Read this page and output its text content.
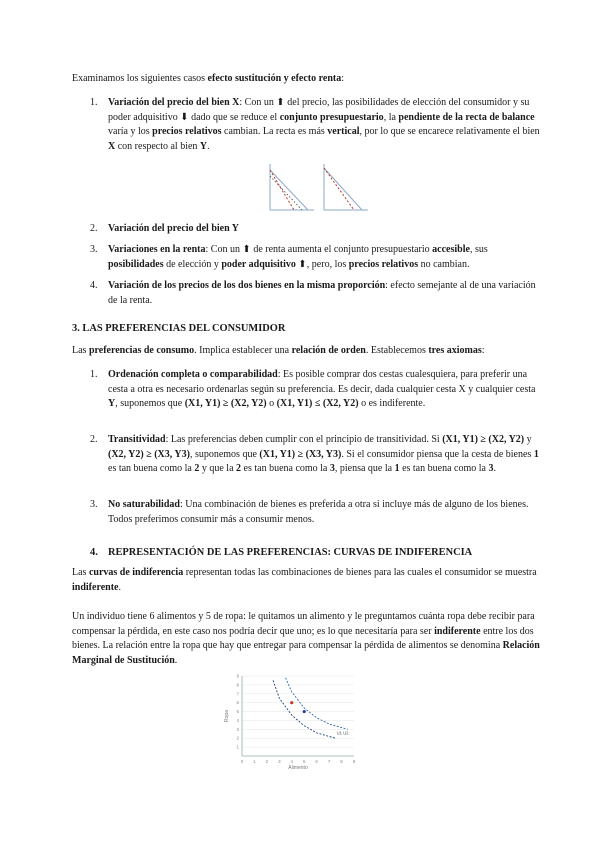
Examinamos los siguientes casos efecto sustitución y efecto renta:
1.	Variación del precio del bien X: Con un ⬆ del precio, las posibilidades de elección del consumidor y su poder adquisitivo ⬇ dado que se reduce el conjunto presupuestario, la pendiente de la recta de balance varía y los precios relativos cambian. La recta es más vertical, por lo que se encarece relativamente el bien X con respecto al bien Y.
2.	Variación del precio del bien Y
3.	Variaciones en la renta: Con un ⬆ de renta aumenta el conjunto presupuestario accesible, sus posibilidades de elección y poder adquisitivo ⬆, pero, los precios relativos no cambian.
4.	Variación de los precios de los dos bienes en la misma proporción: efecto semejante al de una variación de la renta.
3. LAS PREFERENCIAS DEL CONSUMIDOR
Las preferencias de consumo. Implica establecer una relación de orden. Establecemos tres axiomas:
1.	Ordenación completa o comparabilidad: Es posible comprar dos cestas cualesquiera, para preferir una cesta a otra es necesario ordenarlas según su preferencia. Es decir, dada cualquier cesta X y cualquier cesta Y, suponemos que (X1, Y1) ≥ (X2, Y2) o (X1, Y1) ≤ (X2, Y2) o es indiferente.
2.	Transitividad: Las preferencias deben cumplir con el principio de transitividad. Si (X1, Y1) ≥ (X2, Y2) y (X2, Y2) ≥ (X3, Y3), suponemos que (X1, Y1) ≥ (X3, Y3). Si el consumidor piensa que la cesta de bienes 1 es tan buena como la 2 y que la 2 es tan buena como la 3, piensa que la 1 es tan buena como la 3.
3.	No saturabilidad: Una combinación de bienes es preferida a otra si incluye más de alguno de los bienes. Todos preferimos consumir más a consumir menos.
4. REPRESENTACIÓN DE LAS PREFERENCIAS: CURVAS DE INDIFERENCIA
Las curvas de indiferencia representan todas las combinaciones de bienes para las cuales el consumidor se muestra indiferente.
Un individuo tiene 6 alimentos y 5 de ropa: le quitamos un alimento y le preguntamos cuánta ropa debe recibir para compensar la pérdida, en este caso nos podría decir que uno; es lo que necesitaría para ser indiferente entre los dos bienes. La relación entre la ropa que hay que entregar para compensar la pérdida de alimentos se denomina Relación Marginal de Sustitución.
0 1 2 3 4 5 6 7 8 9
1
2
3
4
5
6
7
8
9
Alimento
Ropa
U1 U2
